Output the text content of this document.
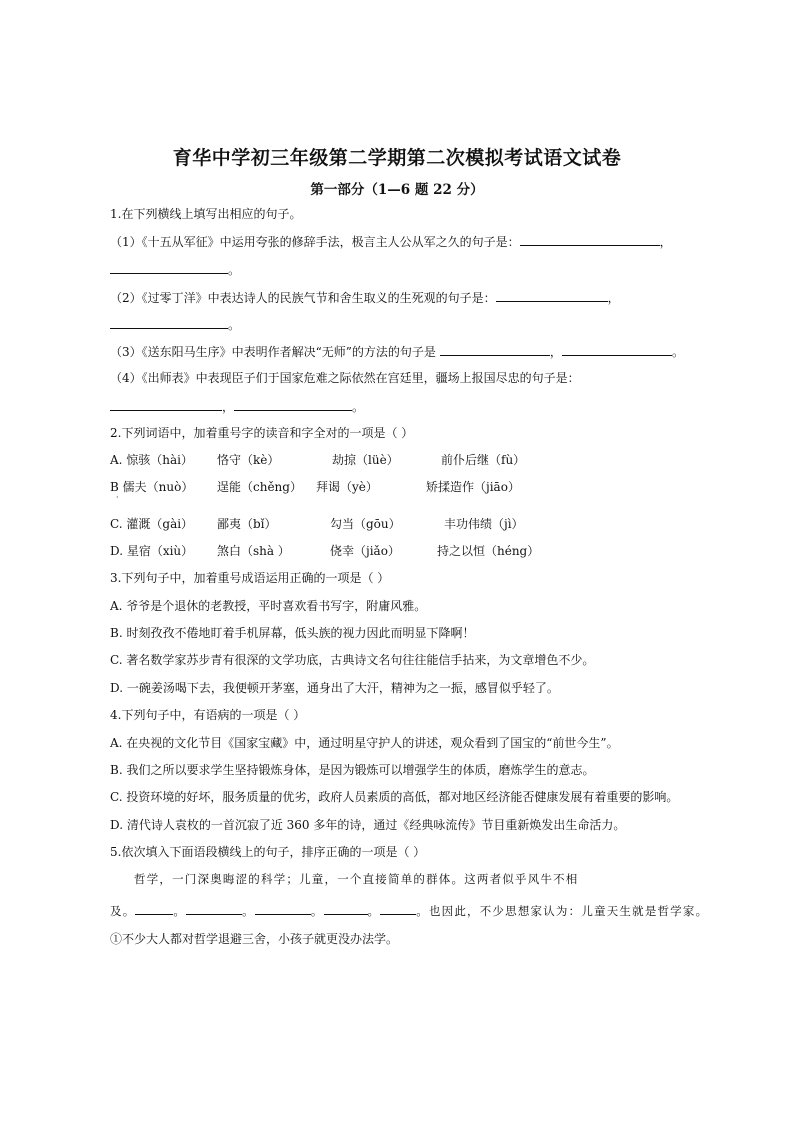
育华中学初三年级第二学期第二次模拟考试语文试卷
第一部分（1—6 题 22 分）
1.在下列横线上填写出相应的句子。
（1）《十五从军征》中运用夸张的修辞手法，极言主人公从军之久的句子是：	，
。
（2）《过零丁洋》中表达诗人的民族气节和舍生取义的生死观的句子是：	，
。
（3）《送东阳马生序》中表明作者解决“无师”的方法的句子是	，	。
（4）《出师表》中表现臣子们于国家危难之际依然在宫廷里，疆场上报国尽忠的句子是：
，	。
2.下列词语中，加着重号字的读音和字全对的一项是（ ）
A. 惊骇（hài） 恪守（kè）	劫掠（lüè）	前仆后继（fù）
B 儒夫（nuò） 逞能（chěng） 拜谒（yè）	矫揉造作（jiāo）
·
C. 灌溉（gài） 鄙夷（bǐ）	勾当（gōu）	丰功伟绩（jì）
D. 星宿（xiù） 煞白（shà ）	侥幸（jiǎo）	持之以恒（héng）
3.下列句子中，加着重号成语运用正确的一项是（ ）
A. 爷爷是个退休的老教授，平时喜欢看书写字，附庸风雅。
B. 时刻孜孜不倦地盯着手机屏幕，低头族的视力因此而明显下降啊！
C. 著名数学家苏步青有很深的文学功底，古典诗文名句往往能信手拈来，为文章增色不少。
D. 一碗姜汤喝下去，我便顿开茅塞，通身出了大汗，精神为之一振，感冒似乎轻了。
4.下列句子中，有语病的一项是（ ）
A. 在央视的文化节目《国家宝藏》中，通过明星守护人的讲述，观众看到了国宝的“前世今生”。
B. 我们之所以要求学生坚持锻炼身体，是因为锻炼可以增强学生的体质，磨炼学生的意志。
C. 投资环境的好坏，服务质量的优劣，政府人员素质的高低，都对地区经济能否健康发展有着重要的影响。
D. 清代诗人袁枚的一首沉寂了近 360 多年的诗，通过《经典咏流传》节目重新焕发出生命活力。
5.依次填入下面语段横线上的句子，排序正确的一项是（ ）
哲学，一门深奥晦涩的科学；儿童，一个直接简单的群体。这两者似乎风牛不相
及。	。	。	。	。	。也因此，不少思想家认为：儿童天生就是哲学家。
①不少大人都对哲学退避三舍，小孩子就更没办法学。
